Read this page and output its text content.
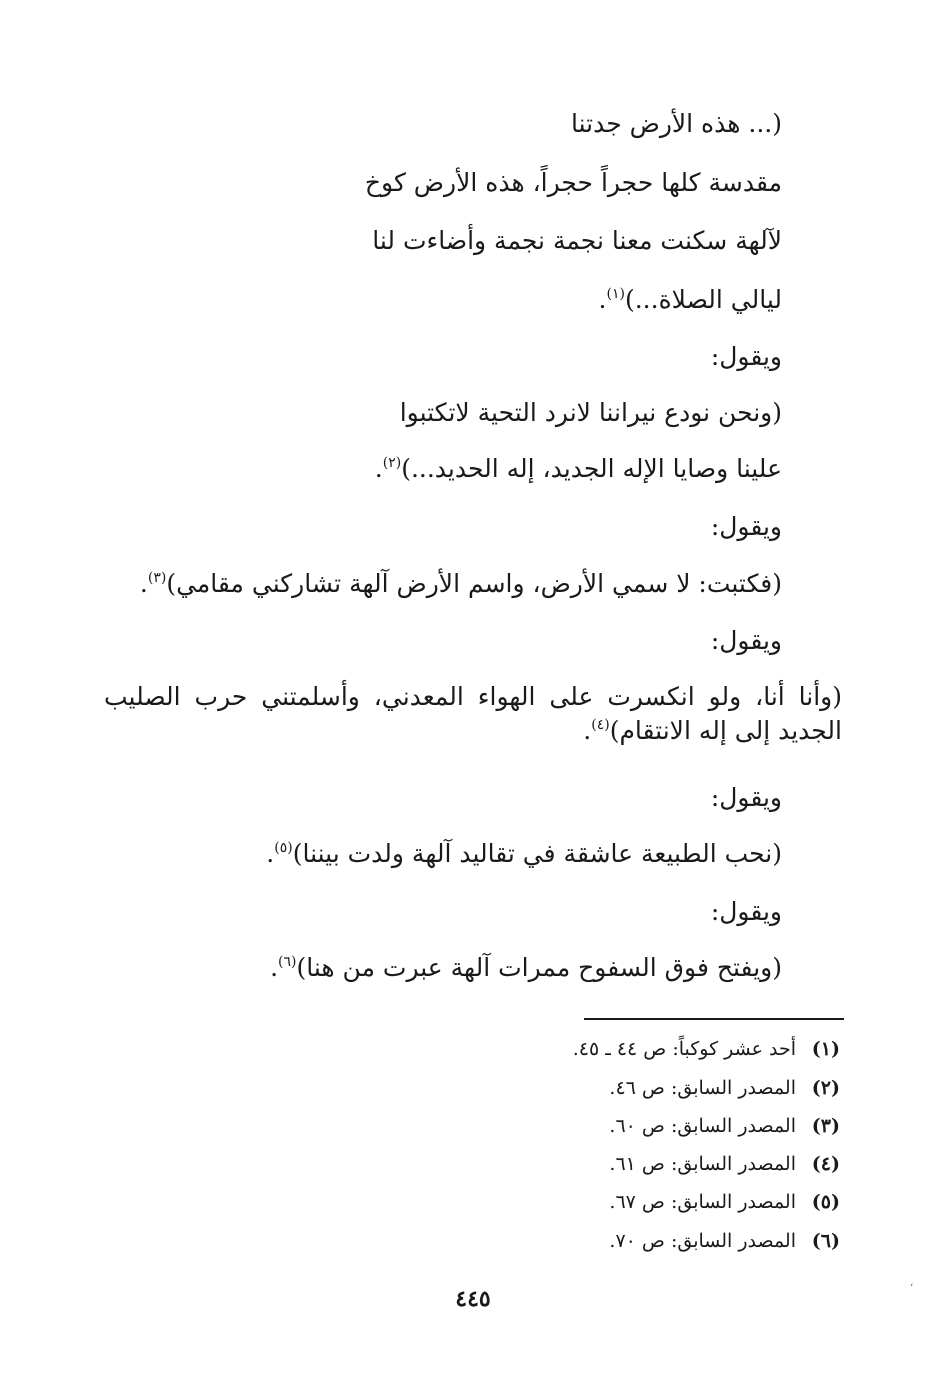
(... هذه الأرض جدتنا
مقدسة كلها حجراً حجراً، هذه الأرض كوخ
لآلهة سكنت معنا نجمة نجمة وأضاءت لنا
ليالي الصلاة...)$^{(١)}$.
ويقول:
(ونحن نودع نيراننا لانرد التحية لاتكتبوا
علينا وصايا الإله الجديد، إله الحديد...)$^{(٢)}$.
ويقول:
(فكتبت: لا سمي الأرض، واسم الأرض آلهة تشاركني مقامي)$^{(٣)}$.
ويقول:
(وأنا أنا، ولو انكسرت على الهواء المعدني، وأسلمتني حرب الصليب الجديد إلى إله الانتقام)$^{(٤)}$.
ويقول:
(نحب الطبيعة عاشقة في تقاليد آلهة ولدت بيننا)$^{(٥)}$.
ويقول:
(ويفتح فوق السفوح ممرات آلهة عبرت من هنا)$^{(٦)}$.
(١)أحد عشر كوكباً: ص ٤٤ ـ ٤٥.
(٢)المصدر السابق: ص ٤٦.
(٣)المصدر السابق: ص ٦٠.
(٤)المصدر السابق: ص ٦١.
(٥)المصدر السابق: ص ٦٧.
(٦)المصدر السابق: ص ٧٠.
٤٤٥
،
